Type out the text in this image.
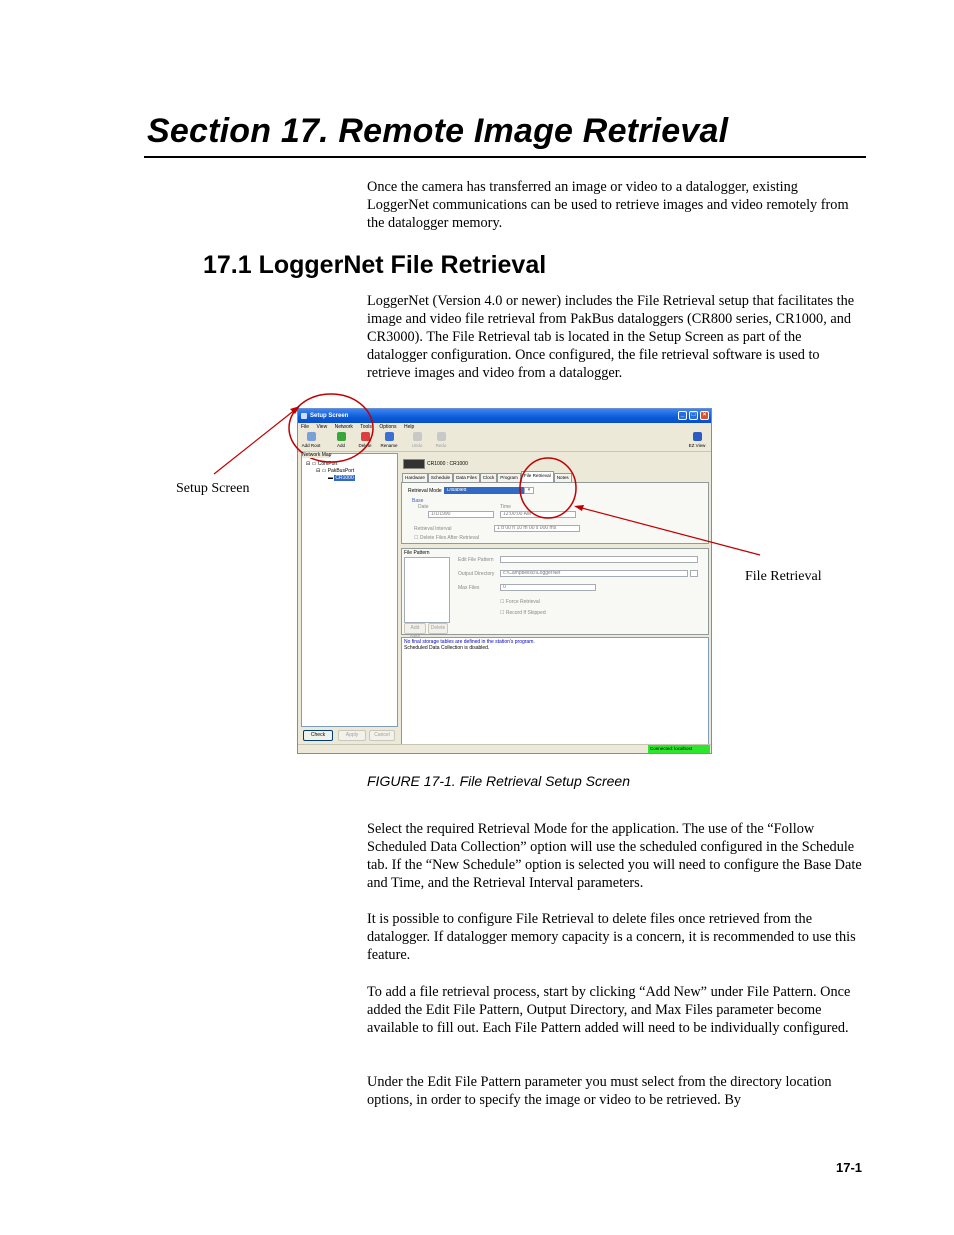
Section 17. Remote Image Retrieval

Once the camera has transferred an image or video to a datalogger, existing LoggerNet communications can be used to retrieve images and video remotely from the datalogger memory.

17.1 LoggerNet File Retrieval

LoggerNet (Version 4.0 or newer) includes the File Retrieval setup that facilitates the image and video file retrieval from PakBus dataloggers (CR800 series, CR1000, and CR3000). The File Retrieval tab is located in the Setup Screen as part of the datalogger configuration. Once configured, the file retrieval software is used to retrieve images and video from a datalogger.

Setup Screen	_	□	×
File View Network Tools Options Help
Add Root	Add	Delete	Rename	Undo	Redo	EZ View
Network Map
⊟ ▭ ComPort
⊟ ▭ PakBusPort
▬ CR1000
CR1000 : CR1000
Hardware Schedule Data Files Clock Program File Retrieval Notes
Retrieval Mode	Disabled	▾
Base
Date
1/1/1990
Time
12:00:00 AM
Retrieval Interval	1 d 00 h 10 m 00 s 000 ms
☐ Delete Files After Retrieval
File Pattern
Edit File Pattern
Output Directory	c:\Campbellsci\LoggerNet
Max Files	0
☐ Force Retrieval
☐ Record If Skipped
Add	Delete
No final storage tables are defined in the station's program.
Scheduled Data Collection is disabled.
Check	Apply	Cancel
Connected: localhost
Setup Screen
File Retrieval
FIGURE 17-1. File Retrieval Setup Screen

Select the required Retrieval Mode for the application. The use of the “Follow Scheduled Data Collection” option will use the scheduled configured in the Schedule tab. If the “New Schedule” option is selected you will need to configure the Base Date and Time, and the Retrieval Interval parameters.

It is possible to configure File Retrieval to delete files once retrieved from the datalogger. If datalogger memory capacity is a concern, it is recommended to use this feature.

To add a file retrieval process, start by clicking “Add New” under File Pattern. Once added the Edit File Pattern, Output Directory, and Max Files parameter become available to fill out. Each File Pattern added will need to be individually configured.

Under the Edit File Pattern parameter you must select from the directory location options, in order to specify the image or video to be retrieved. By

17-1
